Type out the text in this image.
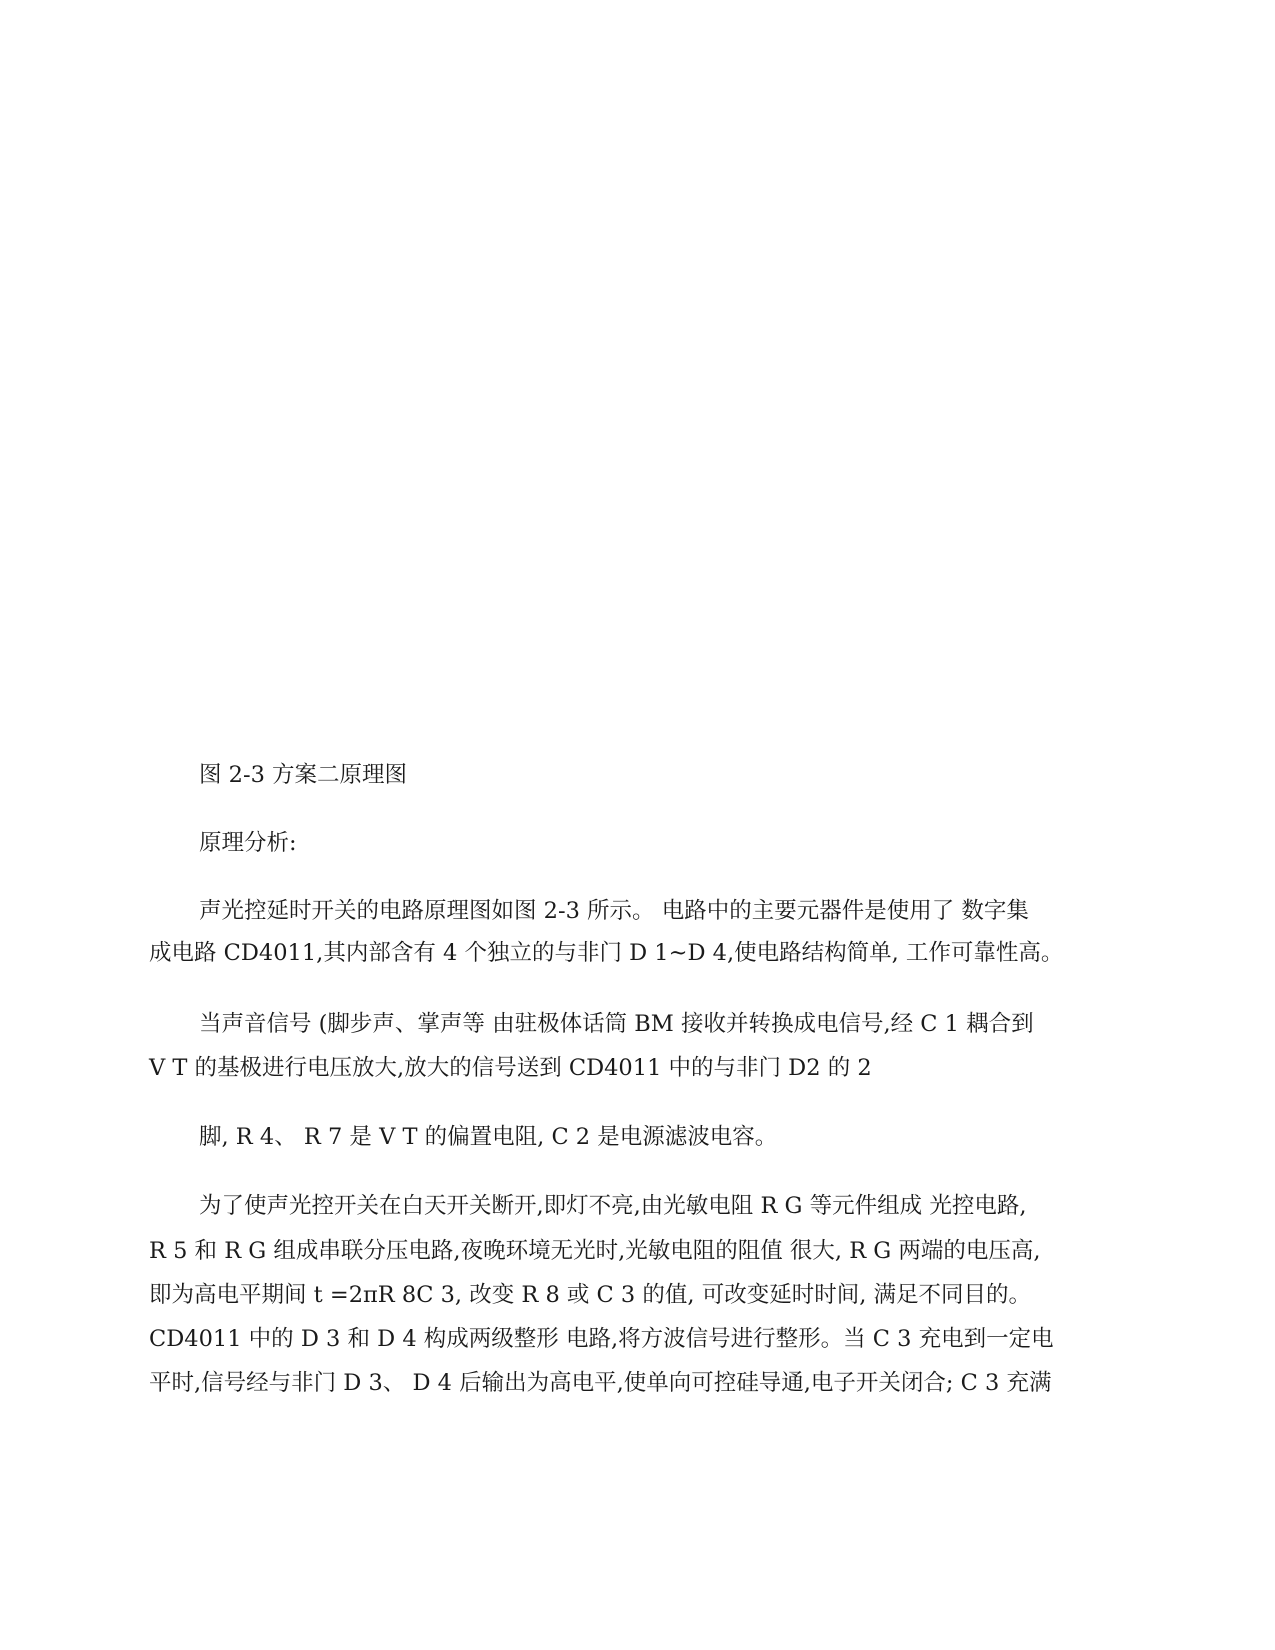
图 2-3 方案二原理图
原理分析:
声光控延时开关的电路原理图如图 2-3 所示。 电路中的主要元器件是使用了 数字集
成电路 CD4011,其内部含有 4 个独立的与非门 D 1~D 4,使电路结构简单, 工作可靠性高。
当声音信号 (脚步声、掌声等 由驻极体话筒 BM 接收并转换成电信号,经 C 1 耦合到
V T 的基极进行电压放大,放大的信号送到 CD4011 中的与非门 D2 的 2
脚, R 4、 R 7 是 V T 的偏置电阻, C 2 是电源滤波电容。
为了使声光控开关在白天开关断开,即灯不亮,由光敏电阻 R G 等元件组成 光控电路,
R 5 和 R G 组成串联分压电路,夜晚环境无光时,光敏电阻的阻值 很大, R G 两端的电压高,
即为高电平期间 t =2πR 8C 3, 改变 R 8 或 C 3 的值, 可改变延时时间, 满足不同目的。
CD4011 中的 D 3 和 D 4 构成两级整形 电路,将方波信号进行整形。当 C 3 充电到一定电
平时,信号经与非门 D 3、 D 4 后输出为高电平,使单向可控硅导通,电子开关闭合; C 3 充满
